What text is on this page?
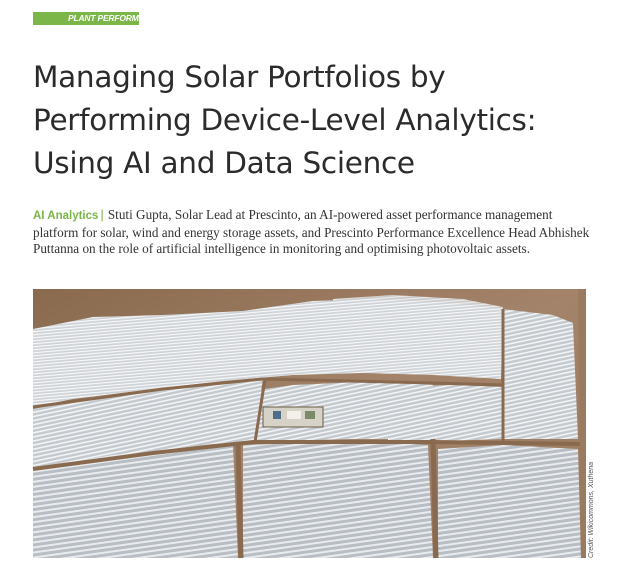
PLANT PERFORMANCE
Managing Solar Portfolios by
Performing Device-Level Analytics:
Using AI and Data Science

AI Analytics | Stuti Gupta, Solar Lead at Prescinto, an AI-powered asset performance management platform for solar, wind and energy storage assets, and Prescinto Performance Excellence Head Abhishek Puttanna on the role of artificial intelligence in monitoring and optimising photovoltaic assets.

Credit: Wikicommons, Xuthena
